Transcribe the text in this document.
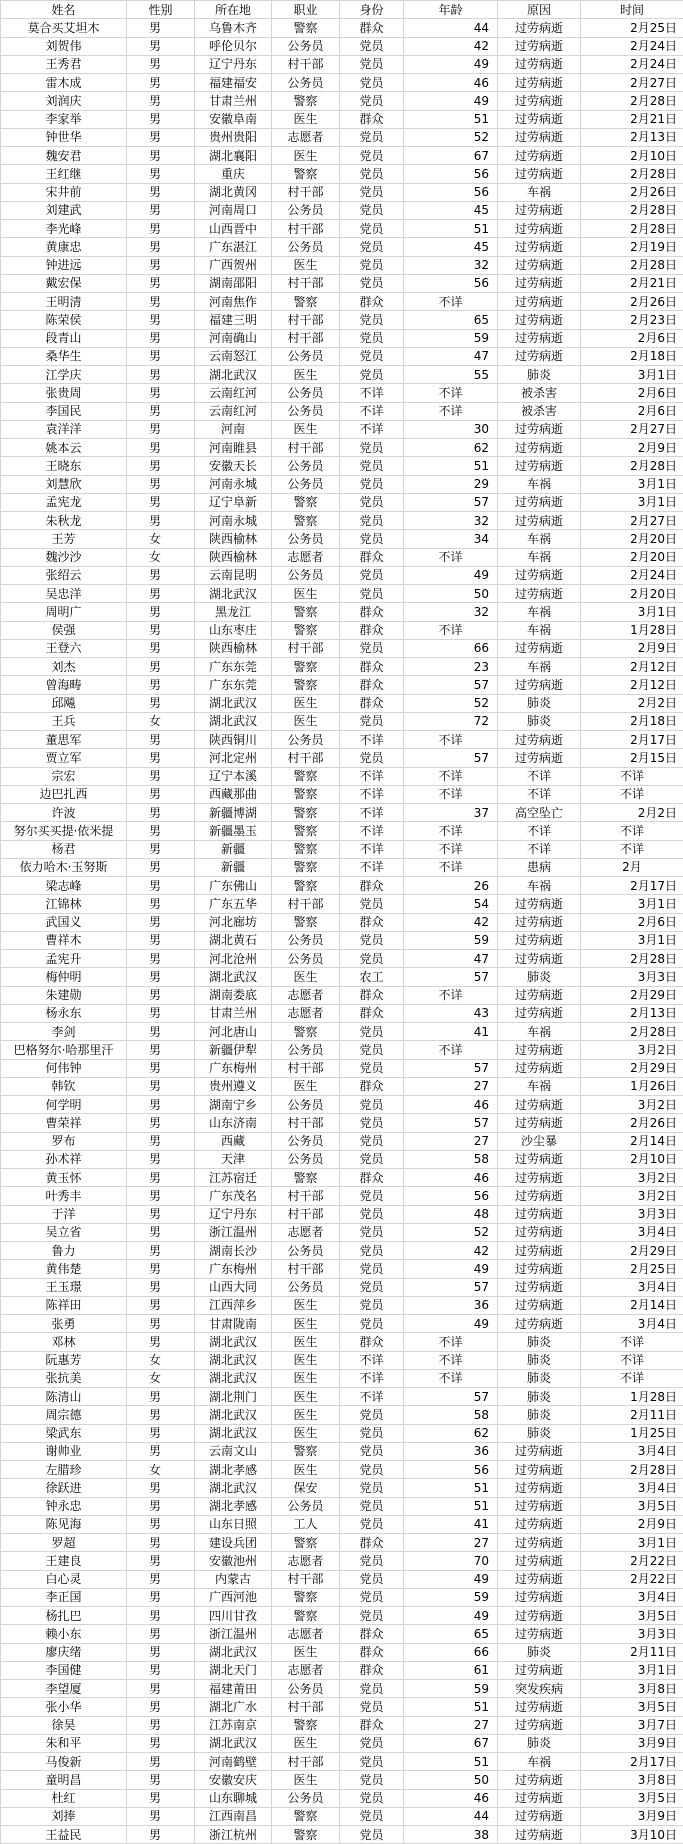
姓名	性别	所在地	职业	身份	年龄	原因	时间
莫合买艾坦木	男	乌鲁木齐	警察	群众	44	过劳病逝	2月25日
刘贺伟	男	呼伦贝尔	公务员	党员	42	过劳病逝	2月24日
王秀君	男	辽宁丹东	村干部	党员	49	过劳病逝	2月24日
雷木成	男	福建福安	公务员	党员	46	过劳病逝	2月27日
刘润庆	男	甘肃兰州	警察	党员	49	过劳病逝	2月28日
李家举	男	安徽阜南	医生	群众	51	过劳病逝	2月21日
钟世华	男	贵州贵阳	志愿者	党员	52	过劳病逝	2月13日
魏安君	男	湖北襄阳	医生	党员	67	过劳病逝	2月10日
王红继	男	重庆	警察	党员	56	过劳病逝	2月28日
宋井前	男	湖北黄冈	村干部	党员	56	车祸	2月26日
刘建武	男	河南周口	公务员	党员	45	过劳病逝	2月28日
李光峰	男	山西晋中	村干部	党员	51	过劳病逝	2月28日
黄康忠	男	广东湛江	公务员	党员	45	过劳病逝	2月19日
钟进远	男	广西贺州	医生	党员	32	过劳病逝	2月28日
戴宏保	男	湖南邵阳	村干部	党员	56	过劳病逝	2月21日
王明清	男	河南焦作	警察	群众	不详	过劳病逝	2月26日
陈荣侯	男	福建三明	村干部	党员	65	过劳病逝	2月23日
段青山	男	河南确山	村干部	党员	59	过劳病逝	2月6日
桑华生	男	云南怒江	公务员	党员	47	过劳病逝	2月18日
江学庆	男	湖北武汉	医生	党员	55	肺炎	3月1日
张贵周	男	云南红河	公务员	不详	不详	被杀害	2月6日
李国民	男	云南红河	公务员	不详	不详	被杀害	2月6日
袁洋洋	男	河南	医生	不详	30	过劳病逝	2月27日
姚本云	男	河南睢县	村干部	党员	62	过劳病逝	2月9日
王晓东	男	安徽天长	公务员	党员	51	过劳病逝	2月28日
刘慧欣	男	河南永城	公务员	党员	29	车祸	3月1日
孟宪龙	男	辽宁阜新	警察	党员	57	过劳病逝	3月1日
朱秋龙	男	河南永城	警察	党员	32	过劳病逝	2月27日
王芳	女	陕西榆林	公务员	党员	34	车祸	2月20日
魏沙沙	女	陕西榆林	志愿者	群众	不详	车祸	2月20日
张绍云	男	云南昆明	公务员	党员	49	过劳病逝	2月24日
吴忠洋	男	湖北武汉	医生	党员	50	过劳病逝	2月20日
周明广	男	黑龙江	警察	群众	32	车祸	3月1日
侯强	男	山东枣庄	警察	群众	不详	车祸	1月28日
王登六	男	陕西榆林	村干部	党员	66	过劳病逝	2月9日
刘杰	男	广东东莞	警察	群众	23	车祸	2月12日
曾海畴	男	广东东莞	警察	群众	57	过劳病逝	2月12日
邱飚	男	湖北武汉	医生	群众	52	肺炎	2月2日
王兵	女	湖北武汉	医生	党员	72	肺炎	2月18日
董思军	男	陕西铜川	公务员	不详	不详	过劳病逝	2月17日
贾立军	男	河北定州	村干部	党员	57	过劳病逝	2月15日
宗宏	男	辽宁本溪	警察	不详	不详	不详	不详
边巴扎西	男	西藏那曲	警察	不详	不详	不详	不详
许波	男	新疆博湖	警察	不详	37	高空坠亡	2月2日
努尔买买提·依米提	男	新疆墨玉	警察	不详	不详	不详	不详
杨君	男	新疆	警察	不详	不详	不详	不详
依力哈木·玉努斯	男	新疆	警察	不详	不详	患病	2月
梁志峰	男	广东佛山	警察	群众	26	车祸	2月17日
江锦林	男	广东五华	村干部	党员	54	过劳病逝	3月1日
武国义	男	河北廊坊	警察	群众	42	过劳病逝	2月6日
曹祥木	男	湖北黄石	公务员	党员	59	过劳病逝	3月1日
孟宪升	男	河北沧州	公务员	党员	47	过劳病逝	2月28日
梅仲明	男	湖北武汉	医生	农工	57	肺炎	3月3日
朱建勋	男	湖南娄底	志愿者	群众	不详	过劳病逝	2月29日
杨永东	男	甘肃兰州	志愿者	群众	43	过劳病逝	2月13日
李剑	男	河北唐山	警察	党员	41	车祸	2月28日
巴格努尔·哈那里汗	男	新疆伊犁	公务员	党员	不详	过劳病逝	3月2日
何伟钟	男	广东梅州	村干部	党员	57	过劳病逝	2月29日
韩钦	男	贵州遵义	医生	群众	27	车祸	1月26日
何学明	男	湖南宁乡	公务员	党员	46	过劳病逝	3月2日
曹荣祥	男	山东济南	村干部	党员	57	过劳病逝	2月26日
罗布	男	西藏	公务员	党员	27	沙尘暴	2月14日
孙术祥	男	天津	公务员	党员	58	过劳病逝	2月10日
黄玉怀	男	江苏宿迁	警察	群众	46	过劳病逝	3月2日
叶秀丰	男	广东茂名	村干部	党员	56	过劳病逝	3月2日
于洋	男	辽宁丹东	村干部	党员	48	过劳病逝	3月3日
吴立省	男	浙江温州	志愿者	党员	52	过劳病逝	3月4日
鲁力	男	湖南长沙	公务员	党员	42	过劳病逝	2月29日
黄伟楚	男	广东梅州	村干部	党员	49	过劳病逝	2月25日
王玉璟	男	山西大同	公务员	党员	57	过劳病逝	3月4日
陈祥田	男	江西萍乡	医生	党员	36	过劳病逝	2月14日
张勇	男	甘肃陇南	医生	党员	49	过劳病逝	3月4日
邓林	男	湖北武汉	医生	群众	不详	肺炎	不详
阮惠芳	女	湖北武汉	医生	不详	不详	肺炎	不详
张抗美	女	湖北武汉	医生	不详	不详	肺炎	不详
陈清山	男	湖北荆门	医生	不详	57	肺炎	1月28日
周宗德	男	湖北武汉	医生	党员	58	肺炎	2月11日
梁武东	男	湖北武汉	医生	党员	62	肺炎	1月25日
谢帅业	男	云南文山	警察	党员	36	过劳病逝	3月4日
左腊珍	女	湖北孝感	医生	党员	56	过劳病逝	2月28日
徐跃进	男	湖北武汉	保安	党员	51	过劳病逝	3月4日
钟永忠	男	湖北孝感	公务员	党员	51	过劳病逝	3月5日
陈见海	男	山东日照	工人	党员	41	过劳病逝	2月9日
罗超	男	建设兵团	警察	群众	27	过劳病逝	3月1日
王建良	男	安徽池州	志愿者	党员	70	过劳病逝	2月22日
白心灵	男	内蒙古	村干部	党员	49	过劳病逝	2月22日
李正国	男	广西河池	警察	党员	59	过劳病逝	3月4日
杨扎巴	男	四川甘孜	警察	党员	49	过劳病逝	3月5日
赖小东	男	浙江温州	志愿者	群众	65	过劳病逝	3月3日
廖庆绪	男	湖北武汉	医生	群众	66	肺炎	2月11日
李国健	男	湖北天门	志愿者	群众	61	过劳病逝	3月1日
李望厦	男	福建莆田	公务员	党员	59	突发疾病	3月8日
张小华	男	湖北广水	村干部	党员	51	过劳病逝	3月5日
徐昊	男	江苏南京	警察	群众	27	过劳病逝	3月7日
朱和平	男	湖北武汉	医生	党员	67	肺炎	3月9日
马俊新	男	河南鹤壁	村干部	党员	51	车祸	2月17日
童明昌	男	安徽安庆	医生	党员	50	过劳病逝	3月8日
杜红	男	山东聊城	公务员	党员	46	过劳病逝	3月5日
刘捧	男	江西南昌	警察	党员	44	过劳病逝	3月9日
王益民	男	浙江杭州	警察	党员	38	过劳病逝	3月10日
